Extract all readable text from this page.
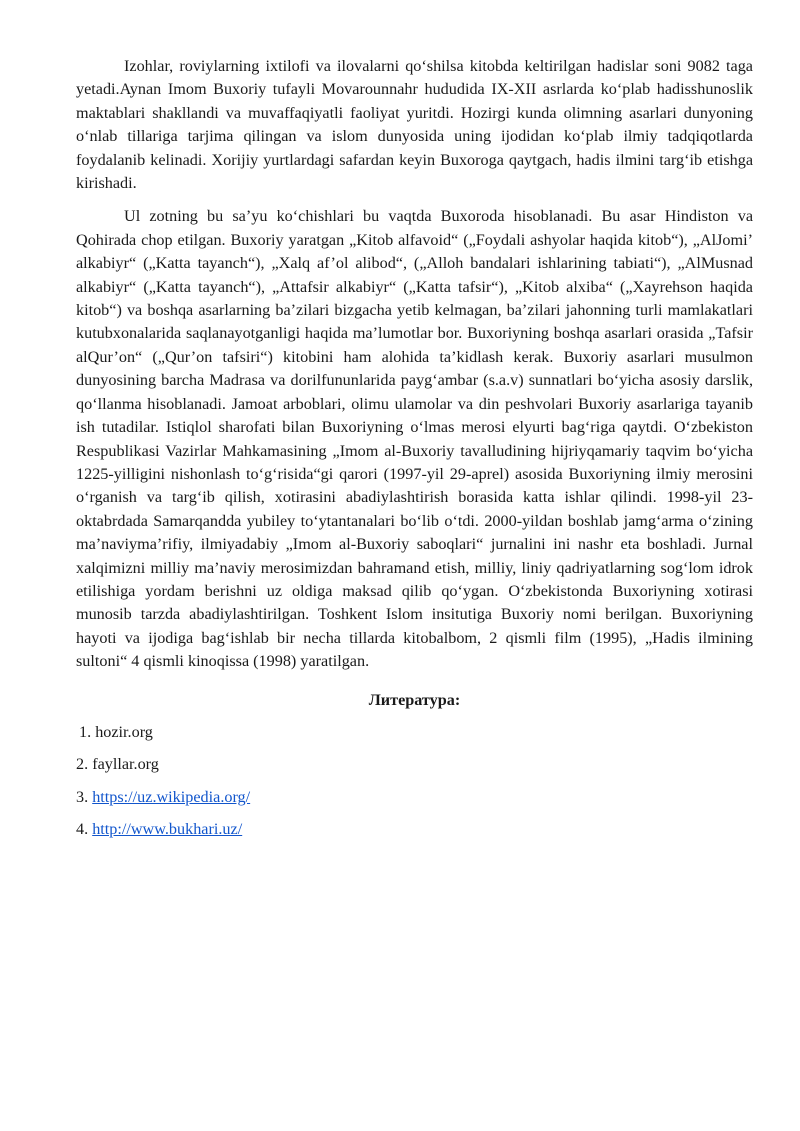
Izohlar, roviylarning ixtilofi va ilovalarni qo‘shilsa kitobda keltirilgan hadislar soni 9082 taga yetadi.Aynan Imom Buxoriy tufayli Movarounnahr hududida IX-XII asrlarda ko‘plab hadisshunoslik maktablari shakllandi va muvaffaqiyatli faoliyat yuritdi. Hozirgi kunda olimning asarlari dunyoning o‘nlab tillariga tarjima qilingan va islom dunyosida uning ijodidan ko‘plab ilmiy tadqiqotlarda foydalanib kelinadi. Xorijiy yurtlardagi safardan keyin Buxoroga qaytgach, hadis ilmini targ‘ib etishga kirishadi.

Ul zotning bu sa’yu ko‘chishlari bu vaqtda Buxoroda hisoblanadi. Bu asar Hindiston va Qohirada chop etilgan. Buxoriy yaratgan „Kitob alfavoid“ („Foydali ashyolar haqida kitob“), „AlJomi’ alkabiyr“ („Katta tayanch“), „Xalq af’ol alibod“, („Alloh bandalari ishlarining tabiati“), „AlMusnad alkabiyr“ („Katta tayanch“), „Attafsir alkabiyr“ („Katta tafsir“), „Kitob alxiba“ („Xayrehson haqida kitob“) va boshqa asarlarning ba’zilari bizgacha yetib kelmagan, ba’zilari jahonning turli mamlakatlari kutubxonalarida saqlanayotganligi haqida ma’lumotlar bor. Buxoriyning boshqa asarlari orasida „Tafsir alQur’on“ („Qur’on tafsiri“) kitobini ham alohida ta’kidlash kerak. Buxoriy asarlari musulmon dunyosining barcha Madrasa va dorilfununlarida payg‘ambar (s.a.v) sunnatlari bo‘yicha asosiy darslik, qo‘llanma hisoblanadi. Jamoat arboblari, olimu ulamolar va din peshvolari Buxoriy asarlariga tayanib ish tutadilar. Istiqlol sharofati bilan Buxoriyning o‘lmas merosi elyurti bag‘riga qaytdi. O‘zbekiston Respublikasi Vazirlar Mahkamasining „Imom al-Buxoriy tavalludining hijriyqamariy taqvim bo‘yicha 1225-yilligini nishonlash to‘g‘risida“gi qarori (1997-yil 29-aprel) asosida Buxoriyning ilmiy merosini o‘rganish va targ‘ib qilish, xotirasini abadiylashtirish borasida katta ishlar qilindi. 1998-yil 23-oktabrdada Samarqandda yubiley to‘ytantanalari bo‘lib o‘tdi. 2000-yildan boshlab jamg‘arma o‘zining ma’naviyma’rifiy, ilmiyadabiy „Imom al-Buxoriy saboqlari“ jurnalini ini nashr eta boshladi. Jurnal xalqimizni milliy ma’naviy merosimizdan bahramand etish, milliy, liniy qadriyatlarning sog‘lom idrok etilishiga yordam berishni uz oldiga maksad qilib qo‘ygan. O‘zbekistonda Buxoriyning xotirasi munosib tarzda abadiylashtirilgan. Toshkent Islom insitutiga Buxoriy nomi berilgan. Buxoriyning hayoti va ijodiga bag‘ishlab bir necha tillarda kitobalbom, 2 qismli film (1995), „Hadis ilmining sultoni“ 4 qismli kinoqissa (1998) yaratilgan.

Литература:
1. hozir.org
2. fayllar.org
3. https://uz.wikipedia.org/
4. http://www.bukhari.uz/
